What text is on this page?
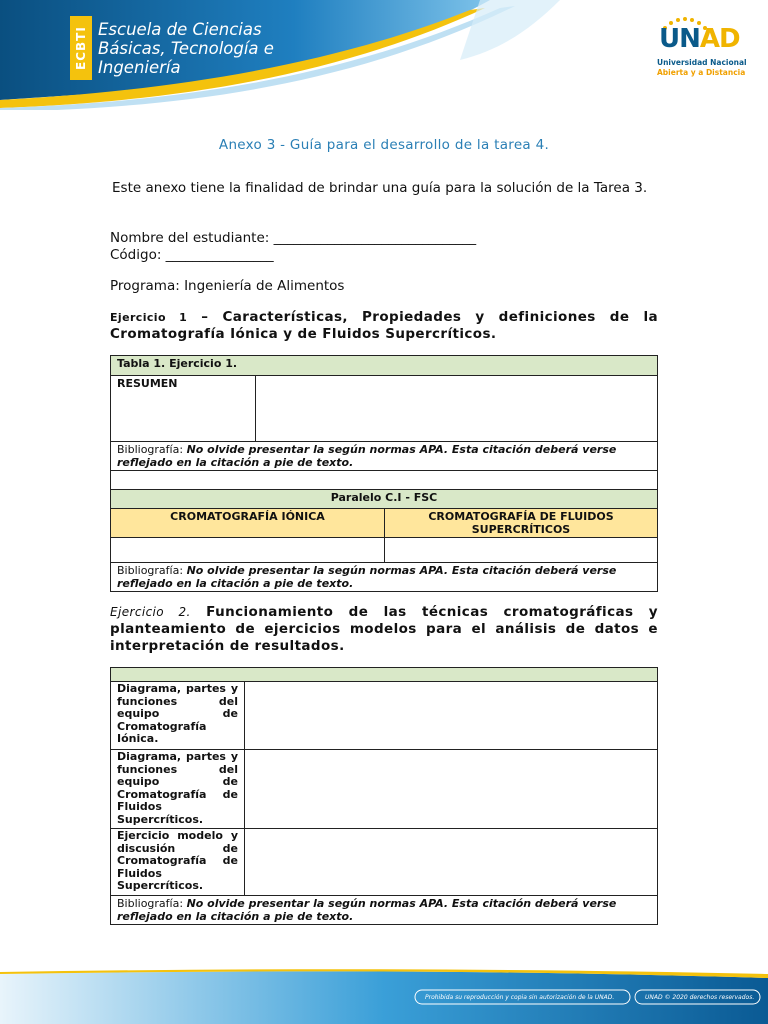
ECBTI Escuela de Ciencias
Básicas, Tecnología e
Ingeniería
UNAD
Universidad Nacional
Abierta y a Distancia
Anexo 3 - Guía para el desarrollo de la tarea 4.
Este anexo tiene la finalidad de brindar una guía para la solución de la Tarea 3.
Nombre del estudiante: ______________________________
Código: ________________
Programa: Ingeniería de Alimentos
Ejercicio 1 – Características, Propiedades y definiciones de la Cromatografía Iónica y de Fluidos Supercríticos.
Tabla 1. Ejercicio 1.
RESUMEN	
Bibliografía: No olvide presentar la según normas APA. Esta citación deberá verse reflejado en la citación a pie de texto.

Paralelo C.I - FSC	
CROMATOGRAFÍA IÓNICA	CROMATOGRAFÍA DE FLUIDOS SUPERCRÍTICOS

Bibliografía: No olvide presentar la según normas APA. Esta citación deberá verse reflejado en la citación a pie de texto.	
Ejercicio 2. Funcionamiento de las técnicas cromatográficas y planteamiento de ejercicios modelos para el análisis de datos e interpretación de resultados.

Diagrama, partes y funciones del equipo de Cromatografía Iónica.	
Diagrama, partes y funciones del equipo de Cromatografía de Fluidos Supercríticos.	
Ejercicio modelo y discusión de Cromatografía de Fluidos Supercríticos.	
Bibliografía: No olvide presentar la según normas APA. Esta citación deberá verse reflejado en la citación a pie de texto.	
Prohibida su reproducción y copia sin autorización de la UNAD.	UNAD © 2020 derechos reservados.
